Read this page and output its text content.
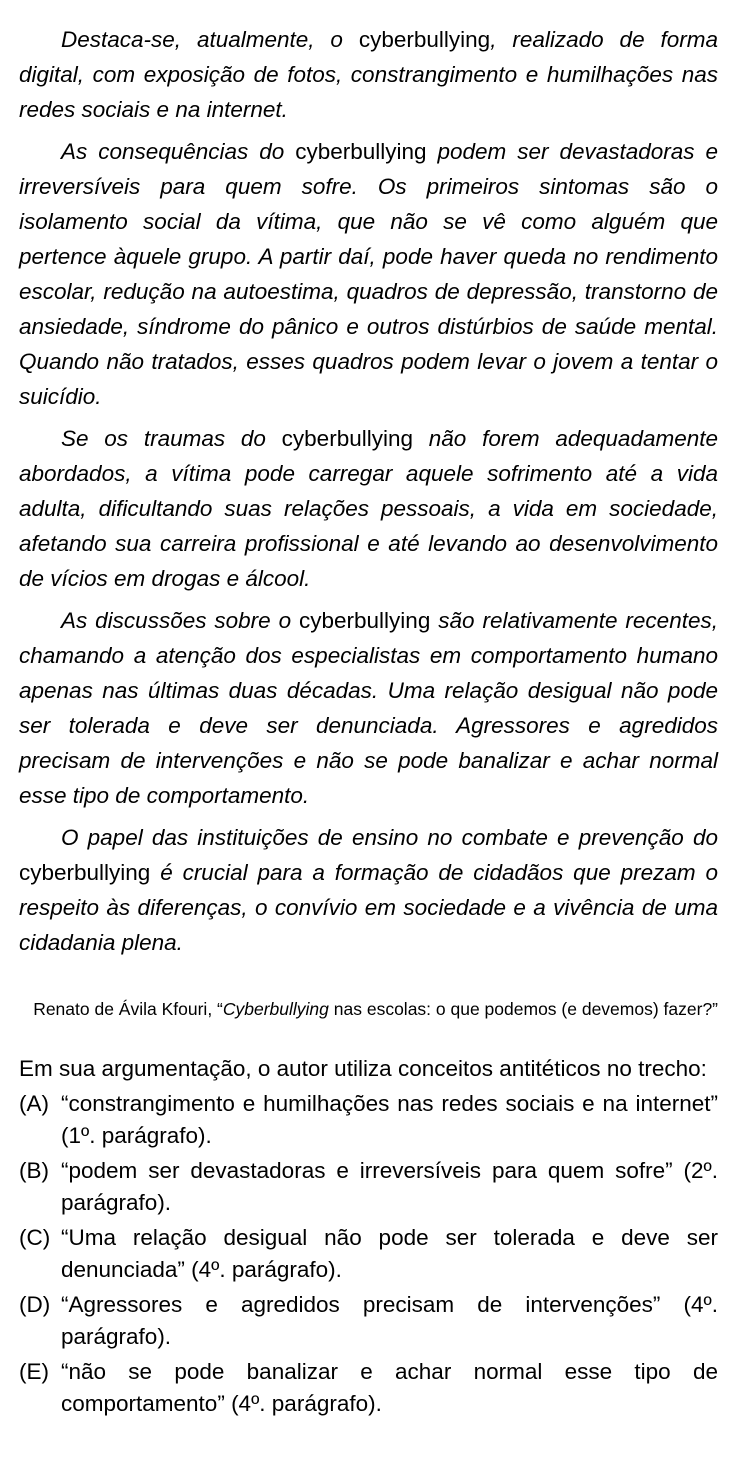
Destaca-se, atualmente, o cyberbullying, realizado de forma digital, com exposição de fotos, constrangimento e humilhações nas redes sociais e na internet.

As consequências do cyberbullying podem ser devastadoras e irreversíveis para quem sofre. Os primeiros sintomas são o isolamento social da vítima, que não se vê como alguém que pertence àquele grupo. A partir daí, pode haver queda no rendimento escolar, redução na autoestima, quadros de depressão, transtorno de ansiedade, síndrome do pânico e outros distúrbios de saúde mental. Quando não tratados, esses quadros podem levar o jovem a tentar o suicídio.

Se os traumas do cyberbullying não forem adequadamente abordados, a vítima pode carregar aquele sofrimento até a vida adulta, dificultando suas relações pessoais, a vida em sociedade, afetando sua carreira profissional e até levando ao desenvolvimento de vícios em drogas e álcool.

As discussões sobre o cyberbullying são relativamente recentes, chamando a atenção dos especialistas em comportamento humano apenas nas últimas duas décadas. Uma relação desigual não pode ser tolerada e deve ser denunciada. Agressores e agredidos precisam de intervenções e não se pode banalizar e achar normal esse tipo de comportamento.

O papel das instituições de ensino no combate e prevenção do cyberbullying é crucial para a formação de cidadãos que prezam o respeito às diferenças, o convívio em sociedade e a vivência de uma cidadania plena.

Renato de Ávila Kfouri, “Cyberbullying nas escolas: o que podemos (e devemos) fazer?”

Em sua argumentação, o autor utiliza conceitos antitéticos no trecho:

(A) “constrangimento e humilhações nas redes sociais e na internet” (1º. parágrafo).
(B) “podem ser devastadoras e irreversíveis para quem sofre” (2º. parágrafo).
(C) “Uma relação desigual não pode ser tolerada e deve ser denunciada” (4º. parágrafo).
(D) “Agressores e agredidos precisam de intervenções” (4º. parágrafo).
(E) “não se pode banalizar e achar normal esse tipo de comportamento” (4º. parágrafo).
